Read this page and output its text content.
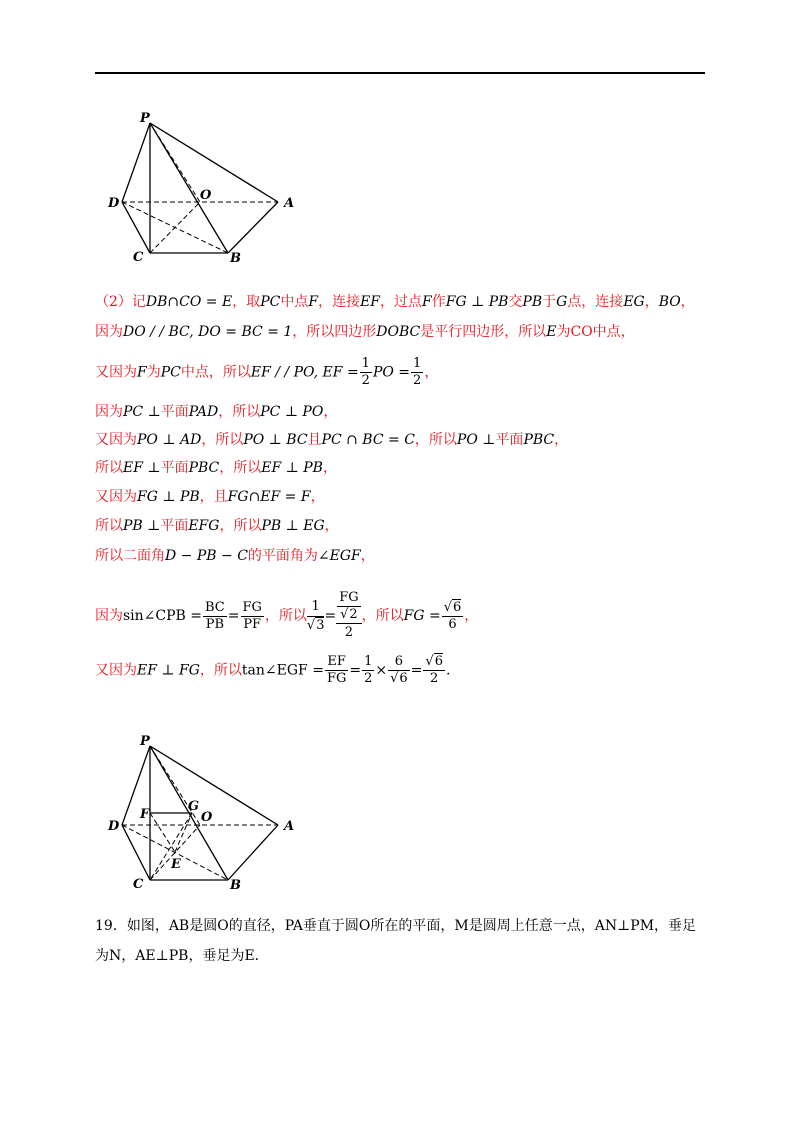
P
D
O
A
C	B
（2）记DB∩CO = E，取PC中点F，连接EF，过点F作FG ⊥ PB交PB于G点，连接EG，BO，
因为DO / / BC, DO = BC = 1，所以四边形DOBC是平行四边形，所以E为CO中点，
又因为F为PC中点，所以EF / / PO, EF = $\frac{1}{2}$ PO = $\frac{1}{2}$ ，
因为PC ⊥平面PAD，所以PC ⊥ PO，
又因为PO ⊥ AD，所以PO ⊥ BC且PC ∩ BC = C，所以PO ⊥平面PBC，
所以EF ⊥平面PBC，所以EF ⊥ PB，
又因为FG ⊥ PB，且FG∩EF = F，
所以PB ⊥平面EFG，所以PB ⊥ EG，
所以二面角D − PB − C的平面角为∠EGF，
因为sin∠CPB = $\frac{BC}{PB} = \frac{FG}{PF}$ ，所以 $\frac{1}{√3}=$ FG
√2
2 ，所以FG = $\frac{√6}{6}$ ，
又因为EF ⊥ FG，所以tan∠EGF = $\frac{EF}{FG} = \frac{1}{2} \times \frac{6}{√6} = \frac{√6}{2}$ .
P
D
F
G
O
A
E
C	B
19．如图，AB是圆O的直径，PA垂直于圆O所在的平面，M是圆周上任意一点，AN⊥PM，垂足
为N，AE⊥PB，垂足为E．
